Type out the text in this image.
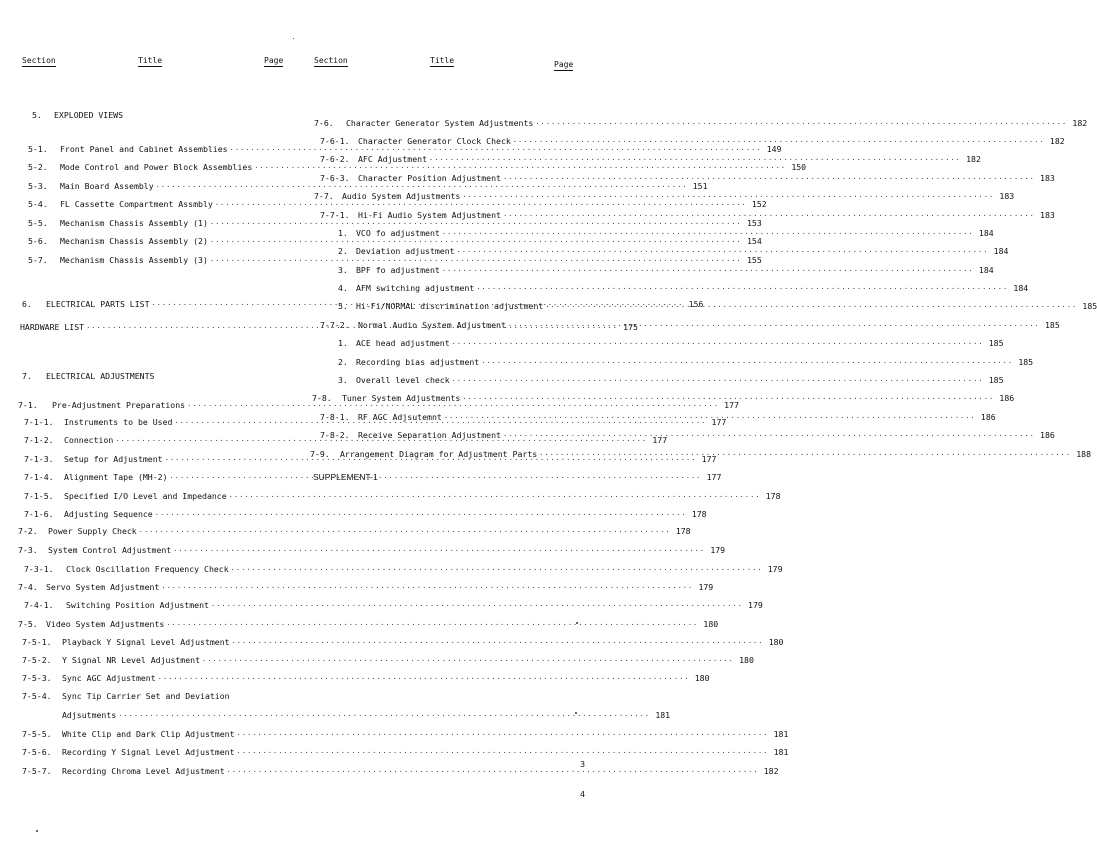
Section	Title	Page
5.	EXPLODED VIEWS
5-1.	Front Panel and Cabinet Assemblies ·····	149
5-2.	Mode Control and Power Block Assemblies ·····	150
5-3.	Main Board Assembly ·····	151
5-4.	FL Cassette Compartment Assmbly ·····	152
5-5.	Mechanism Chassis Assembly (1) ·····	153
5-6.	Mechanism Chassis Assembly (2) ·····	154
5-7.	Mechanism Chassis Assembly (3) ·····	155
6.	ELECTRICAL PARTS LIST ·····	156
HARDWARE LIST ·····	175
7.	ELECTRICAL ADJUSTMENTS
7-1.	Pre-Adjustment Preparations ·····	177
7-1-1.	Instruments to be Used ·····	177
7-1-2.	Connection ·····	177
7-1-3.	Setup for Adjustment ·····	177
7-1-4.	Alignment Tape (MH-2) ·····	177
7-1-5.	Specified I/O Level and Impedance ·····	178
7-1-6.	Adjusting Sequence ·····	178
7-2.	Power Supply Check ·····	178
7-3.	System Control Adjustment ·····	179
7-3-1.	Clock Oscillation Frequency Check ·····	179
7-4.	Servo System Adjustment ·····	179
7-4-1.	Switching Position Adjustment ·····	179
7-5.	Video System Adjustments ·····	180
7-5-1.	Playback Y Signal Level Adjustment ·····	180
7-5-2.	Y Signal NR Level Adjustment ·····	180
7-5-3.	Sync AGC Adjustment ·····	180
7-5-4.	Sync Tip Carrier Set and Deviation
Adjsutments ·····	181
7-5-5.	White Clip and Dark Clip Adjustment ·····	181
7-5-6.	Recording Y Signal Level Adjustment ·····	181
7-5-7.	Recording Chroma Level Adjustment ·····	182
Section	Title	Page
7-6.	Character Generator System Adjustments ·····	182
7-6-1.	Character Generator Clock Check ·····	182
7-6-2.	AFC Adjustment ·····	182
7-6-3.	Character Position Adjustment ·····	183
7-7.	Audio System Adjustments ·····	183
7-7-1.	Hi-Fi Audio System Adjustment ·····	183
1. VCO fo adjustment ·····	184
2. Deviation adjustment ·····	184
3. BPF fo adjustment ·····	184
4. AFM switching adjustment ·····	184
5. Hi-Fi/NORMAL discrimination adjustment ·····	185
7-7-2.	Normal Audio System Adjustment ·····	185
1. ACE head adjustment ·····	185
2. Recording bias adjustment ·····	185
3. Overall level check ·····	185
7-8.	Tuner System Adjustments ·····	186
7-8-1.	RF AGC Adjsutemnt ·····	186
7-8-2.	Receive Separation Adjustment ·····	186
7-9.	Arrangement Diagram for Adjustment Parts ·····	188
SUPPLEMENT-1
3
4
